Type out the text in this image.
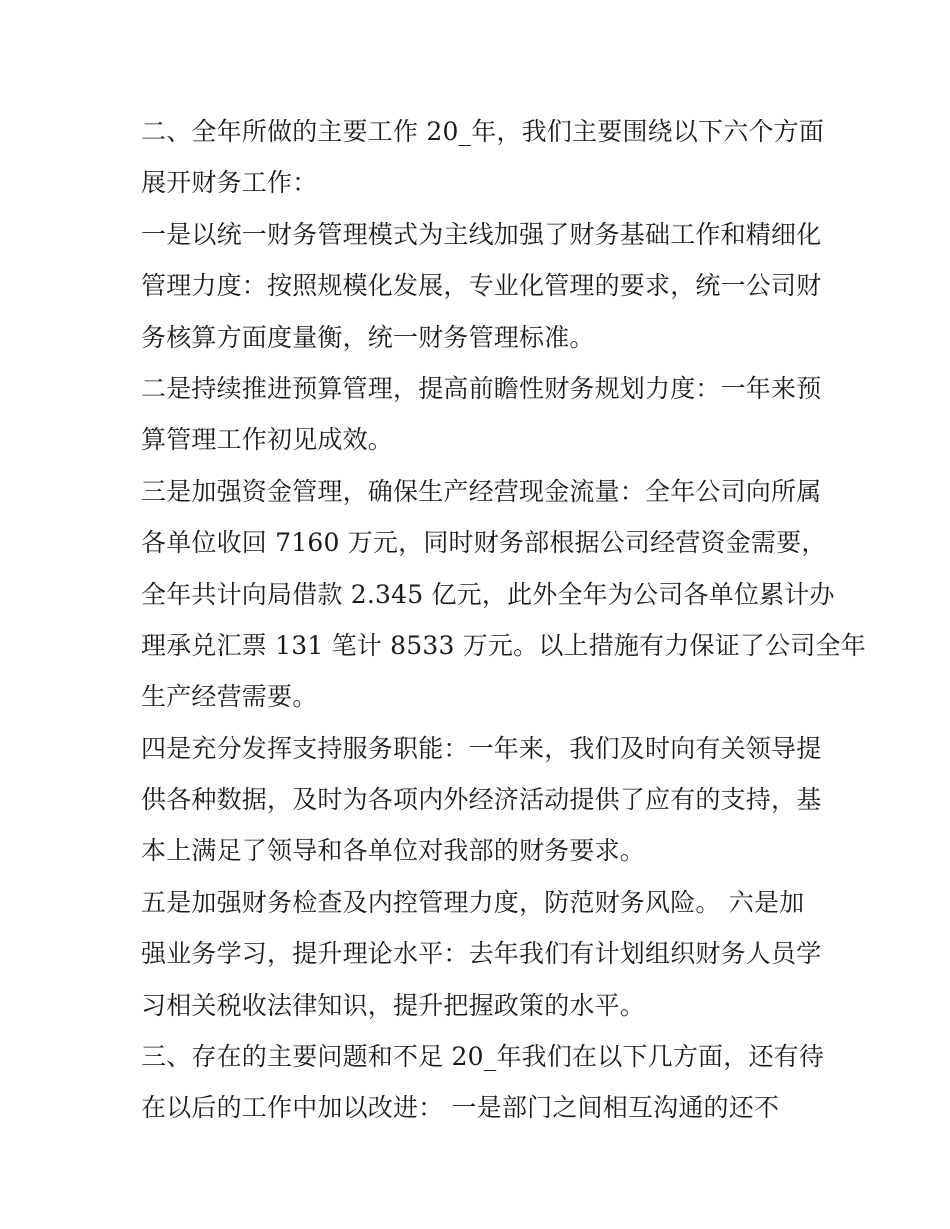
二、全年所做的主要工作 20_年，我们主要围绕以下六个方面
展开财务工作：
一是以统一财务管理模式为主线加强了财务基础工作和精细化
管理力度：按照规模化发展，专业化管理的要求，统一公司财
务核算方面度量衡，统一财务管理标准。
二是持续推进预算管理，提高前瞻性财务规划力度：一年来预
算管理工作初见成效。
三是加强资金管理，确保生产经营现金流量：全年公司向所属
各单位收回 7160 万元，同时财务部根据公司经营资金需要，
全年共计向局借款 2.345 亿元，此外全年为公司各单位累计办
理承兑汇票 131 笔计 8533 万元。以上措施有力保证了公司全年
生产经营需要。
四是充分发挥支持服务职能：一年来，我们及时向有关领导提
供各种数据，及时为各项内外经济活动提供了应有的支持，基
本上满足了领导和各单位对我部的财务要求。
五是加强财务检查及内控管理力度，防范财务风险。 六是加
强业务学习，提升理论水平：去年我们有计划组织财务人员学
习相关税收法律知识，提升把握政策的水平。
三、存在的主要问题和不足 20_年我们在以下几方面，还有待
在以后的工作中加以改进： 一是部门之间相互沟通的还不
